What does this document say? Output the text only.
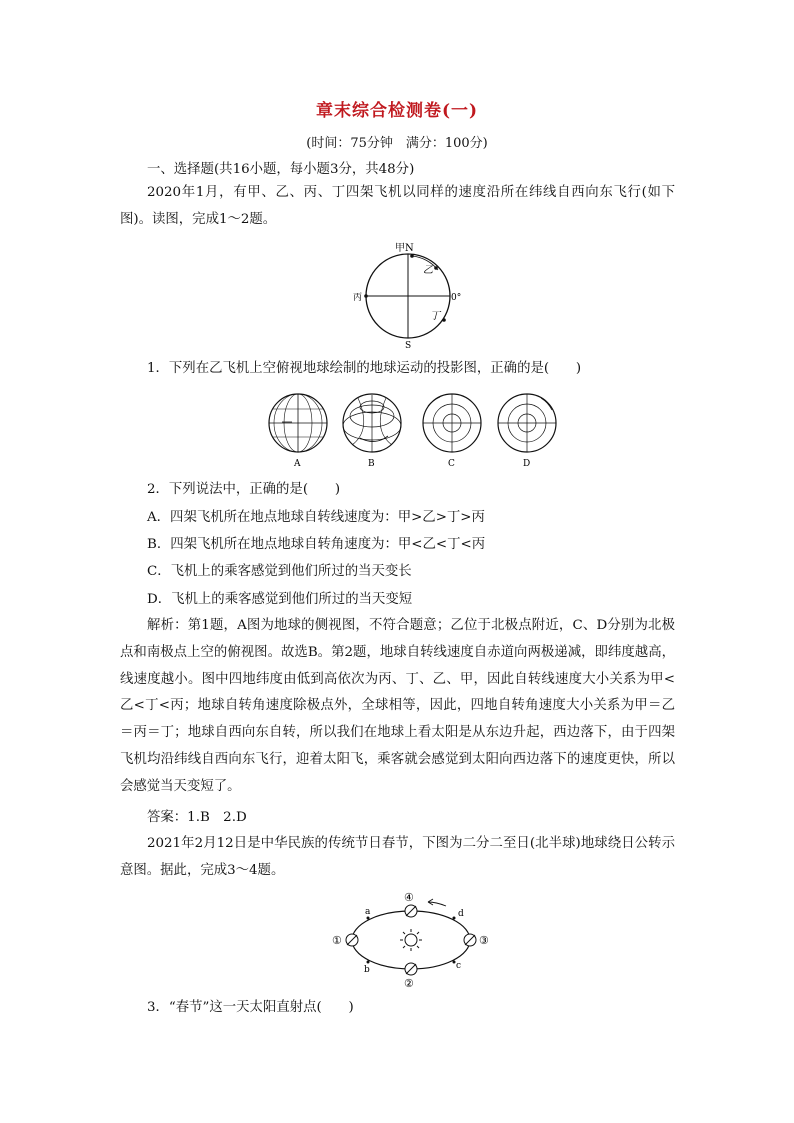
章末综合检测卷(一)
(时间：75分钟　满分：100分)
一、选择题(共16小题，每小题3分，共48分)
2020年1月，有甲、乙、丙、丁四架飞机以同样的速度沿所在纬线自西向东飞行(如下图)。读图，完成1～2题。
甲N
S
丙	0°
乙
丁
1．下列在乙飞机上空俯视地球绘制的地球运动的投影图，正确的是(　　)
A	B	C	D
2．下列说法中，正确的是(　　)
A．四架飞机所在地点地球自转线速度为：甲>乙>丁>丙
B．四架飞机所在地点地球自转角速度为：甲<乙<丁<丙
C．飞机上的乘客感觉到他们所过的当天变长
D．飞机上的乘客感觉到他们所过的当天变短
解析：第1题，A图为地球的侧视图，不符合题意；乙位于北极点附近，C、D分别为北极点和南极点上空的俯视图。故选B。第2题，地球自转线速度自赤道向两极递减，即纬度越高，线速度越小。图中四地纬度由低到高依次为丙、丁、乙、甲，因此自转线速度大小关系为甲<乙<丁<丙；地球自转角速度除极点外，全球相等，因此，四地自转角速度大小关系为甲＝乙＝丙＝丁；地球自西向东自转，所以我们在地球上看太阳是从东边升起，西边落下，由于四架飞机均沿纬线自西向东飞行，迎着太阳飞，乘客就会感觉到太阳向西边落下的速度更快，所以会感觉当天变短了。
答案：1.B　2.D
2021年2月12日是中华民族的传统节日春节，下图为二分二至日(北半球)地球绕日公转示意图。据此，完成3～4题。
④
②
①	③
a
b	c
d
3．“春节”这一天太阳直射点(　　)
